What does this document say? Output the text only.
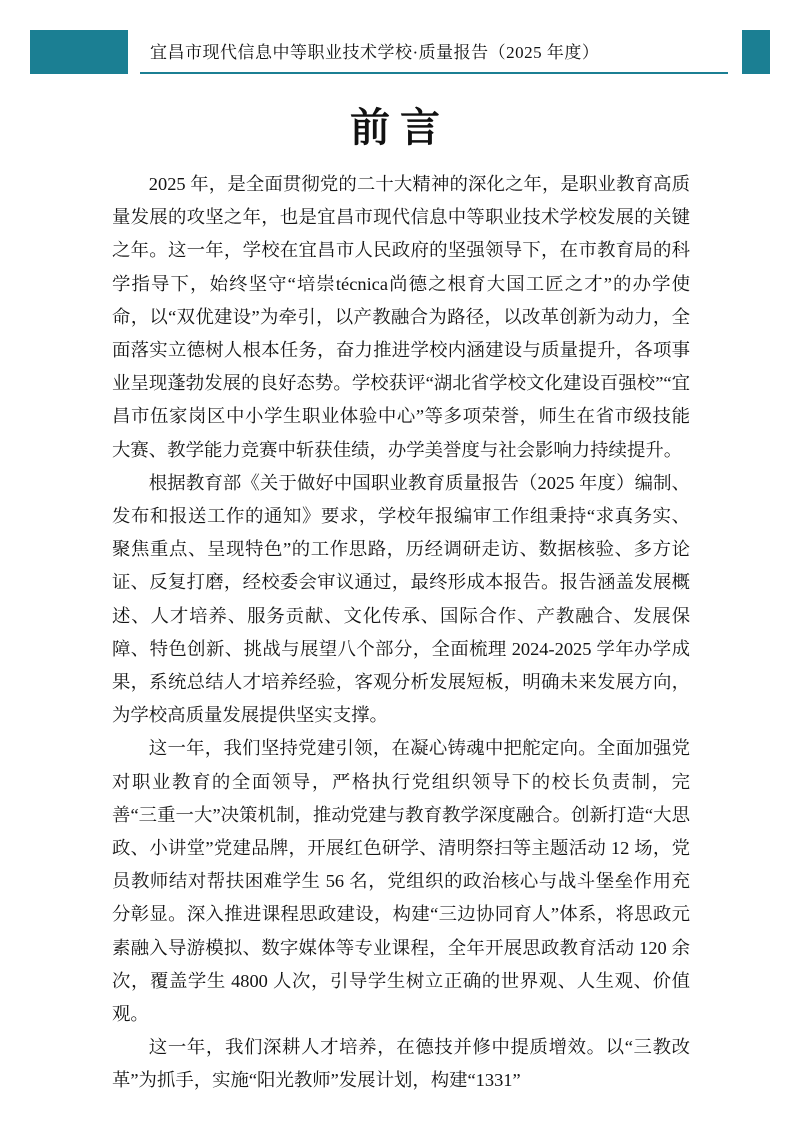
宜昌市现代信息中等职业技术学校·质量报告（2025 年度）
前言

2025 年，是全面贯彻党的二十大精神的深化之年，是职业教育高质量发展的攻坚之年，也是宜昌市现代信息中等职业技术学校发展的关键之年。这一年，学校在宜昌市人民政府的坚强领导下，在市教育局的科学指导下，始终坚守“培崇técnica尚德之根育大国工匠之才”的办学使命，以“双优建设”为牵引，以产教融合为路径，以改革创新为动力，全面落实立德树人根本任务，奋力推进学校内涵建设与质量提升，各项事业呈现蓬勃发展的良好态势。学校获评“湖北省学校文化建设百强校”“宜昌市伍家岗区中小学生职业体验中心”等多项荣誉，师生在省市级技能大赛、教学能力竞赛中斩获佳绩，办学美誉度与社会影响力持续提升。

根据教育部《关于做好中国职业教育质量报告（2025 年度）编制、发布和报送工作的通知》要求，学校年报编审工作组秉持“求真务实、聚焦重点、呈现特色”的工作思路，历经调研走访、数据核验、多方论证、反复打磨，经校委会审议通过，最终形成本报告。报告涵盖发展概述、人才培养、服务贡献、文化传承、国际合作、产教融合、发展保障、特色创新、挑战与展望八个部分，全面梳理 2024-2025 学年办学成果，系统总结人才培养经验，客观分析发展短板，明确未来发展方向，为学校高质量发展提供坚实支撑。

这一年，我们坚持党建引领，在凝心铸魂中把舵定向。全面加强党对职业教育的全面领导，严格执行党组织领导下的校长负责制，完善“三重一大”决策机制，推动党建与教育教学深度融合。创新打造“大思政、小讲堂”党建品牌，开展红色研学、清明祭扫等主题活动 12 场，党员教师结对帮扶困难学生 56 名，党组织的政治核心与战斗堡垒作用充分彰显。深入推进课程思政建设，构建“三边协同育人”体系，将思政元素融入导游模拟、数字媒体等专业课程，全年开展思政教育活动 120 余次，覆盖学生 4800 人次，引导学生树立正确的世界观、人生观、价值观。

这一年，我们深耕人才培养，在德技并修中提质增效。以“三教改革”为抓手，实施“阳光教师”发展计划，构建“1331”
